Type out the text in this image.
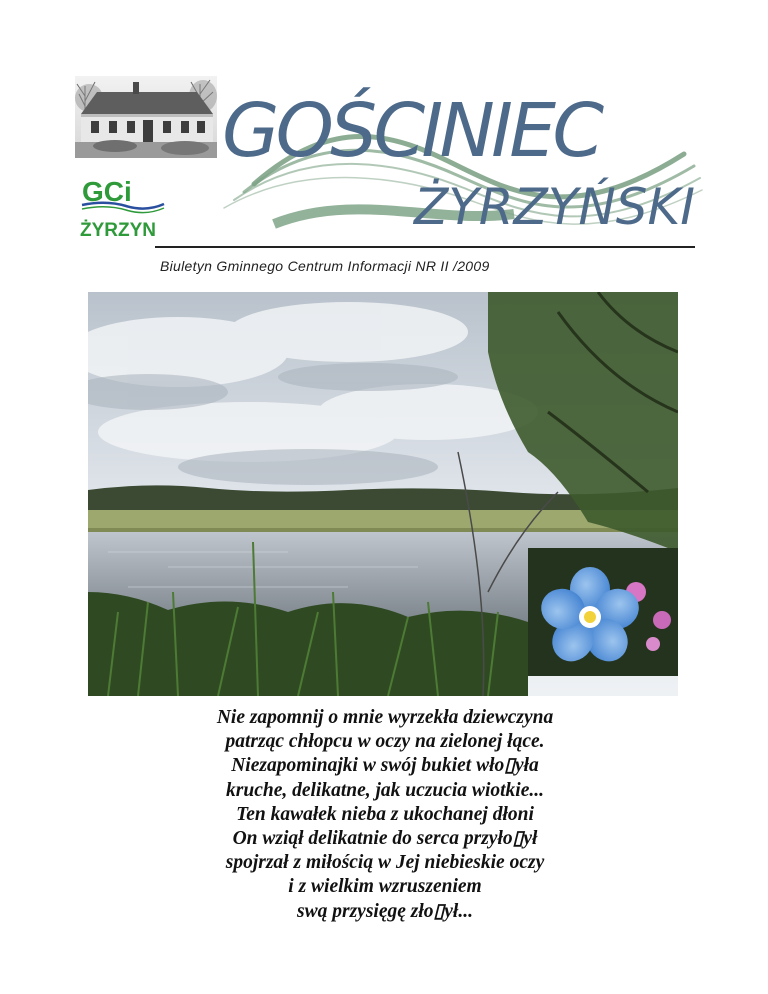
GCi
ŻYRZYN
GOŚCINIEC
ŻYRZYŃSKI
Biuletyn Gminnego Centrum Informacji NR II /2009
Nie zapomnij o mnie wyrzekła dziewczyna
patrząc chłopcu w oczy na zielonej łące.
Niezapominajki w swój bukiet wło▯yła
kruche, delikatne, jak uczucia wiotkie...
Ten kawałek nieba z ukochanej dłoni
On wziął delikatnie do serca przyło▯ył
spojrzał z miłością w Jej niebieskie oczy
i z wielkim wzruszeniem
swą przysięgę zło▯ył...
